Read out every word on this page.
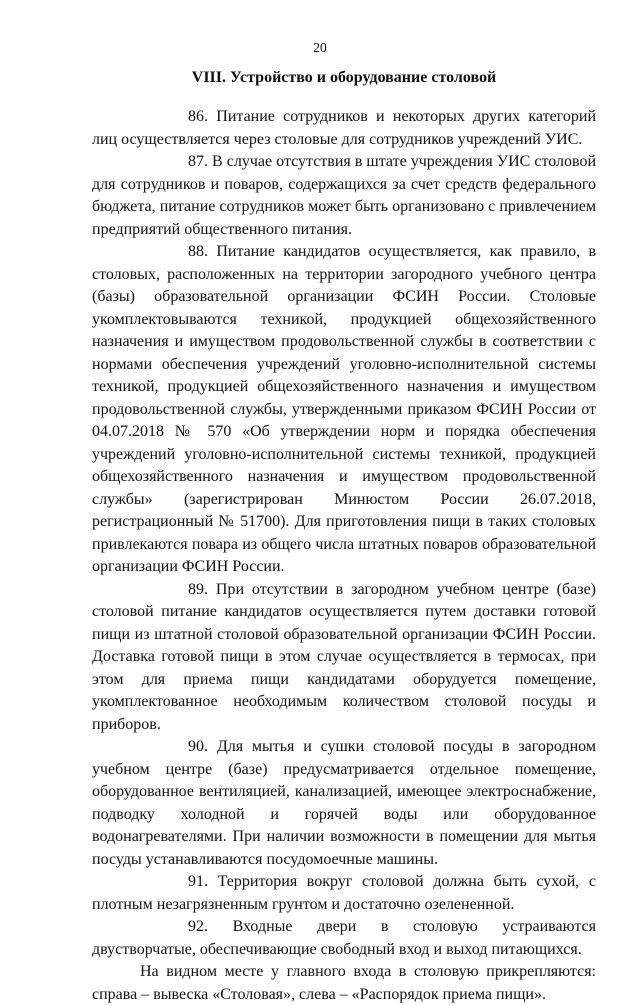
20
VIII. Устройство и оборудование столовой

86. Питание сотрудников и некоторых других категорий лиц осуществляется через столовые для сотрудников учреждений УИС.

87. В случае отсутствия в штате учреждения УИС столовой для сотрудников и поваров, содержащихся за счет средств федерального бюджета, питание сотрудников может быть организовано с привлечением предприятий общественного питания.

88. Питание кандидатов осуществляется, как правило, в столовых, расположенных на территории загородного учебного центра (базы) образовательной организации ФСИН России. Столовые укомплектовываются техникой, продукцией общехозяйственного назначения и имуществом продовольственной службы в соответствии с нормами обеспечения учреждений уголовно-исполнительной системы техникой, продукцией общехозяйственного назначения и имуществом продовольственной службы, утвержденными приказом ФСИН России от 04.07.2018 № 570 «Об утверждении норм и порядка обеспечения учреждений уголовно-исполнительной системы техникой, продукцией общехозяйственного назначения и имуществом продовольственной службы» (зарегистрирован Минюстом России 26.07.2018, регистрационный № 51700). Для приготовления пищи в таких столовых привлекаются повара из общего числа штатных поваров образовательной организации ФСИН России.

89. При отсутствии в загородном учебном центре (базе) столовой питание кандидатов осуществляется путем доставки готовой пищи из штатной столовой образовательной организации ФСИН России. Доставка готовой пищи в этом случае осуществляется в термосах, при этом для приема пищи кандидатами оборудуется помещение, укомплектованное необходимым количеством столовой посуды и приборов.

90. Для мытья и сушки столовой посуды в загородном учебном центре (базе) предусматривается отдельное помещение, оборудованное вентиляцией, канализацией, имеющее электроснабжение, подводку холодной и горячей воды или оборудованное водонагревателями. При наличии возможности в помещении для мытья посуды устанавливаются посудомоечные машины.

91. Территория вокруг столовой должна быть сухой, с плотным незагрязненным грунтом и достаточно озелененной.

92. Входные двери в столовую устраиваются двустворчатые, обеспечивающие свободный вход и выход питающихся.

На видном месте у главного входа в столовую прикрепляются: справа – вывеска «Столовая», слева – «Распорядок приема пищи».
